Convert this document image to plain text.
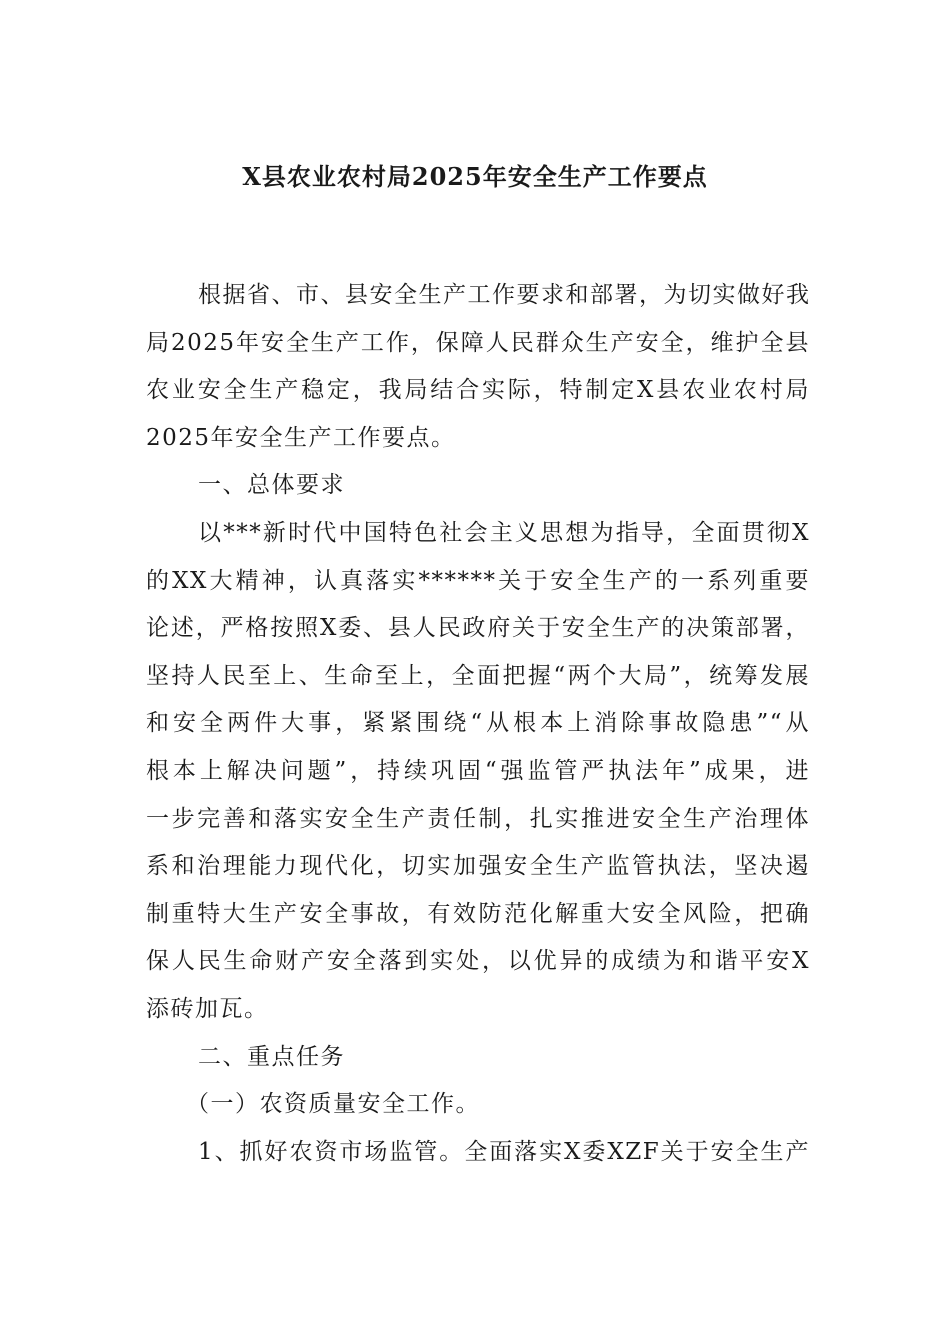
X县农业农村局2025年安全生产工作要点
根据省、市、县安全生产工作要求和部署，为切实做好我
局2025年安全生产工作，保障人民群众生产安全，维护全县
农业安全生产稳定，我局结合实际，特制定X县农业农村局
2025年安全生产工作要点。
一、总体要求
以***新时代中国特色社会主义思想为指导，全面贯彻X
的XX大精神，认真落实******关于安全生产的一系列重要
论述，严格按照X委、县人民政府关于安全生产的决策部署，
坚持人民至上、生命至上，全面把握“两个大局”，统筹发展
和安全两件大事，紧紧围绕“从根本上消除事故隐患”“从
根本上解决问题”，持续巩固“强监管严执法年”成果，进
一步完善和落实安全生产责任制，扎实推进安全生产治理体
系和治理能力现代化，切实加强安全生产监管执法，坚决遏
制重特大生产安全事故，有效防范化解重大安全风险，把确
保人民生命财产安全落到实处，以优异的成绩为和谐平安X
添砖加瓦。
二、重点任务
（一）农资质量安全工作。
1、抓好农资市场监管。全面落实X委XZF关于安全生产
